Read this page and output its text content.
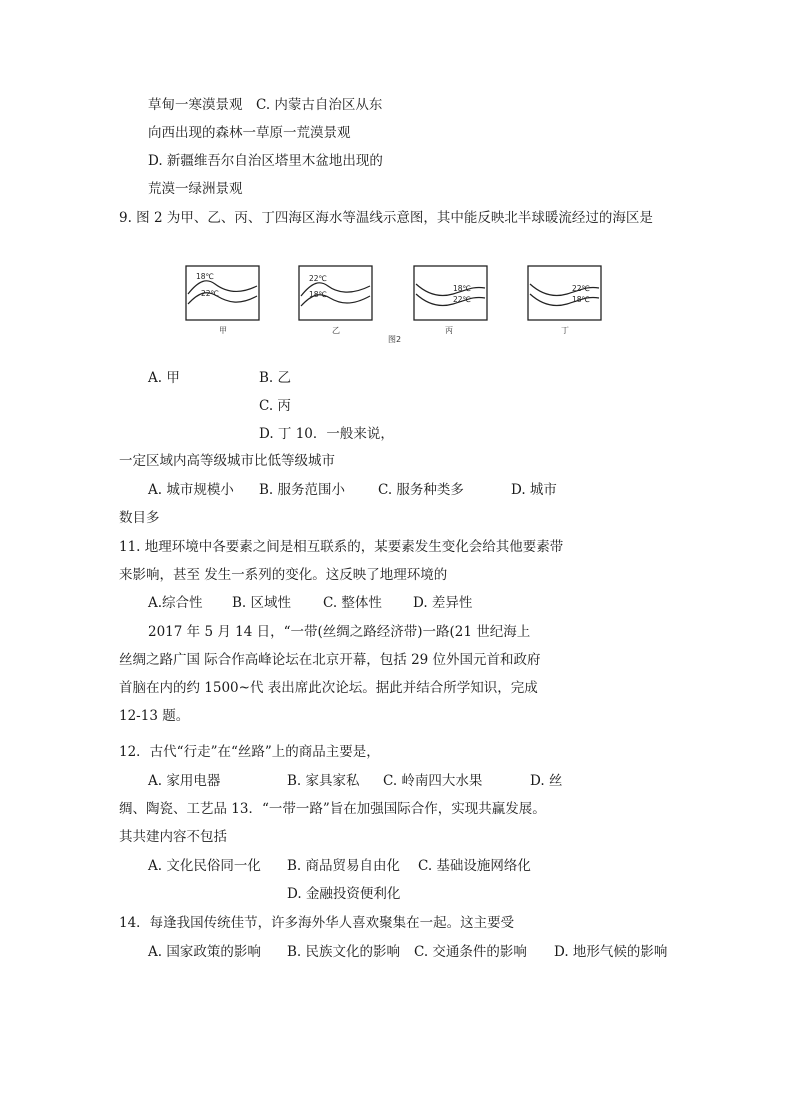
草甸一寒漠景观　C. 内蒙古自治区从东
向西出现的森林一草原一荒漠景观
D. 新疆维吾尔自治区塔里木盆地出现的
荒漠一绿洲景观
9. 图 2 为甲、乙、丙、丁四海区海水等温线示意图，其中能反映北半球暖流经过的海区是
18℃
22℃
甲
22℃
18℃
乙
18℃
22℃
丙
22℃
18℃
丁
图2
A. 甲	B. 乙
C. 丙
D. 丁 10．一般来说，
一定区域内高等级城市比低等级城市
A. 城市规模小 B. 服务范围小 C. 服务种类多	D. 城市
数目多
11. 地理环境中各要素之间是相互联系的，某要素发生变化会给其他要素带
来影响，甚至 发生一系列的变化。这反映了地理环境的
A.综合性 B. 区域性 C. 整体性 D. 差异性
2017 年 5 月 14 日，“一带(丝绸之路经济带)一路(21 世纪海上
丝绸之路广国 际合作高峰论坛在北京开幕，包括 29 位外国元首和政府
首脑在内的约 1500~代 表出席此次论坛。据此并结合所学知识，完成
12-13 题。
12．古代“行走”在“丝路”上的商品主要是，
A. 家用电器	B. 家具家私 C. 岭南四大水果	D. 丝
绸、陶瓷、工艺品 13．“一带一路”旨在加强国际合作，实现共赢发展。
其共建内容不包括
A. 文化民俗同一化 B. 商品贸易自由化 C. 基础设施网络化
D. 金融投资便利化
14．每逢我国传统佳节，许多海外华人喜欢聚集在一起。这主要受
A. 国家政策的影响 B. 民族文化的影响 C. 交通条件的影响 D. 地形气候的影响
